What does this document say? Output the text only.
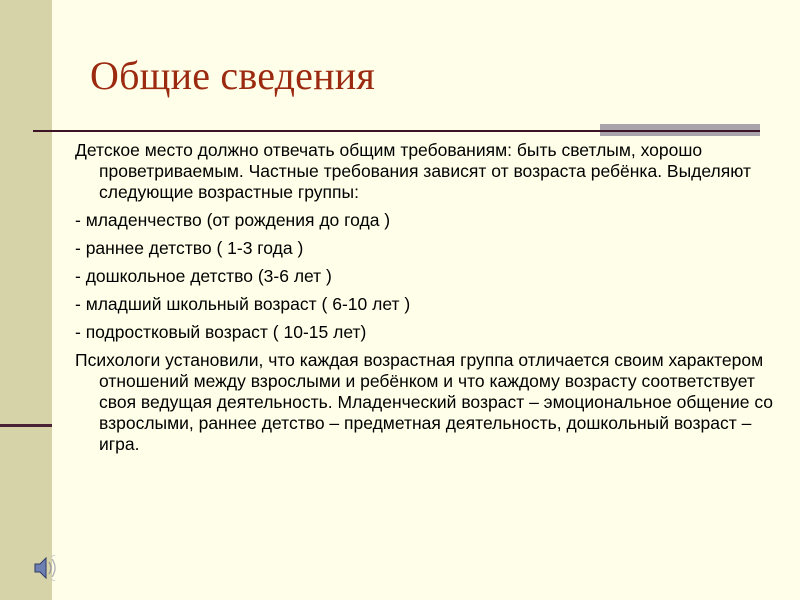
Общие сведения

Детское место должно отвечать общим требованиям: быть светлым, хорошо проветриваемым. Частные требования зависят от возраста ребёнка. Выделяют следующие возрастные группы:

- младенчество (от рождения до года )

- раннее детство ( 1-3 года )

- дошкольное детство (3-6 лет )

- младший школьный возраст ( 6-10 лет )

- подростковый возраст ( 10-15 лет)

Психологи установили, что каждая возрастная группа отличается своим характером отношений между взрослыми и ребёнком и что каждому возрасту соответствует своя ведущая деятельность. Младенческий возраст – эмоциональное общение со взрослыми, раннее детство – предметная деятельность, дошкольный возраст – игра.
